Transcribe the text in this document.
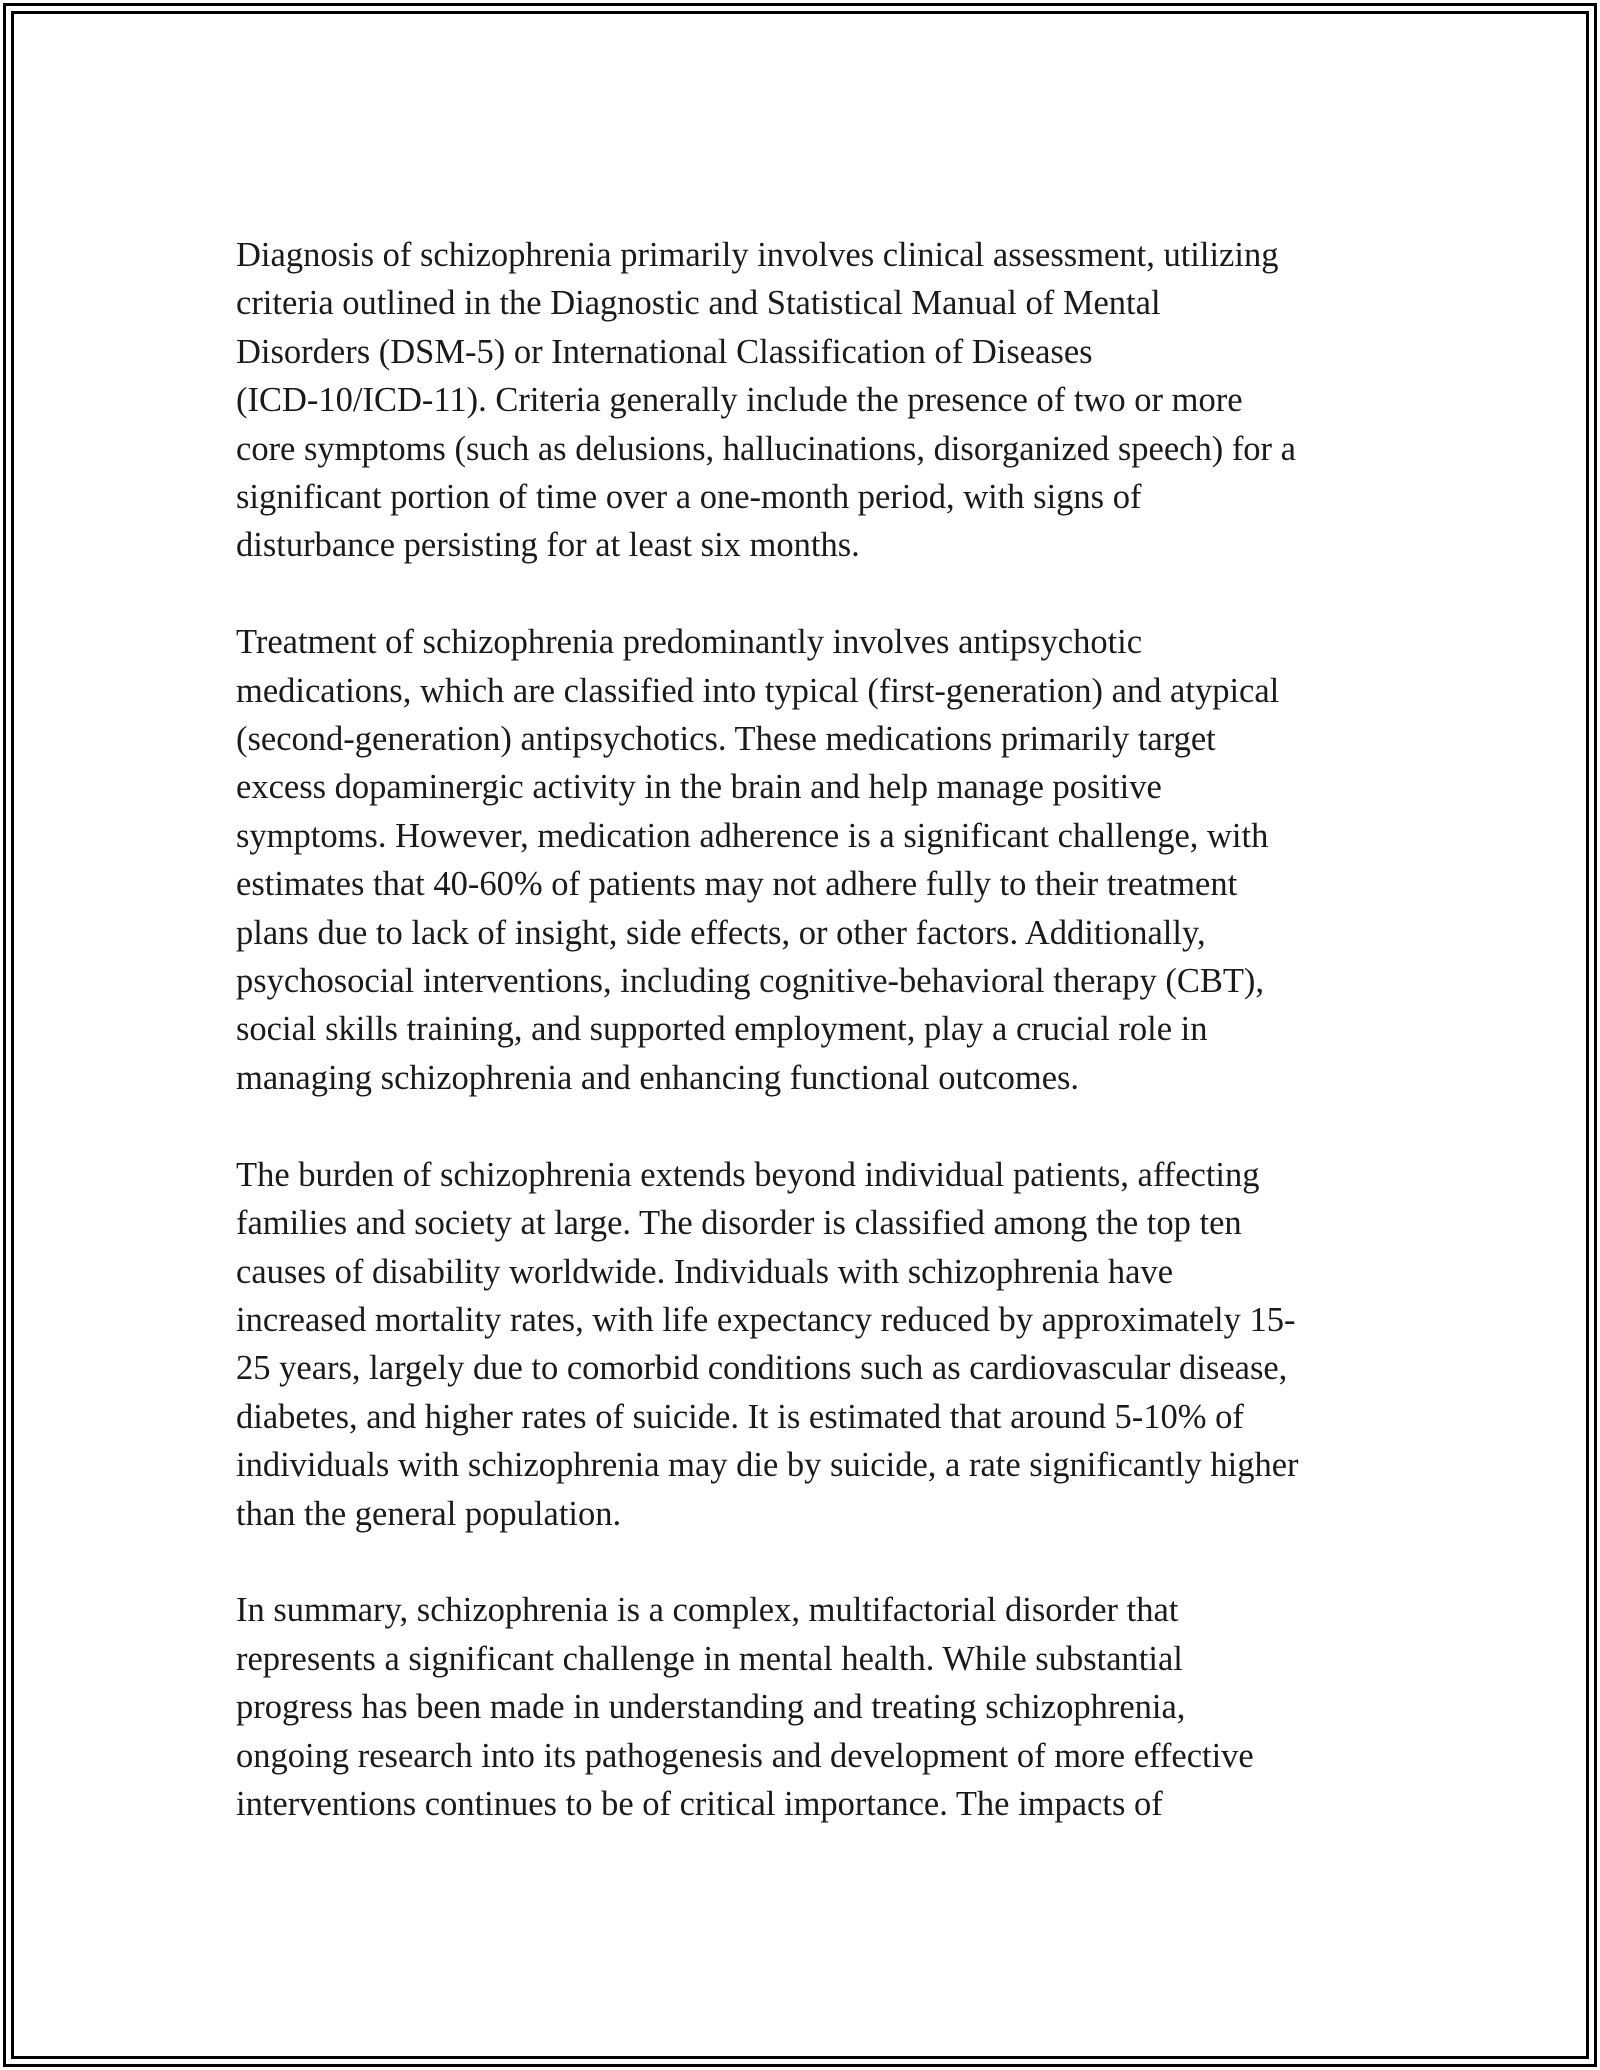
Diagnosis of schizophrenia primarily involves clinical assessment, utilizing
criteria outlined in the Diagnostic and Statistical Manual of Mental
Disorders (DSM-5) or International Classification of Diseases
(ICD-10/ICD-11). Criteria generally include the presence of two or more
core symptoms (such as delusions, hallucinations, disorganized speech) for a
significant portion of time over a one-month period, with signs of
disturbance persisting for at least six months.

Treatment of schizophrenia predominantly involves antipsychotic
medications, which are classified into typical (first-generation) and atypical
(second-generation) antipsychotics. These medications primarily target
excess dopaminergic activity in the brain and help manage positive
symptoms. However, medication adherence is a significant challenge, with
estimates that 40-60% of patients may not adhere fully to their treatment
plans due to lack of insight, side effects, or other factors. Additionally,
psychosocial interventions, including cognitive-behavioral therapy (CBT),
social skills training, and supported employment, play a crucial role in
managing schizophrenia and enhancing functional outcomes.

The burden of schizophrenia extends beyond individual patients, affecting
families and society at large. The disorder is classified among the top ten
causes of disability worldwide. Individuals with schizophrenia have
increased mortality rates, with life expectancy reduced by approximately 15-
25 years, largely due to comorbid conditions such as cardiovascular disease,
diabetes, and higher rates of suicide. It is estimated that around 5-10% of
individuals with schizophrenia may die by suicide, a rate significantly higher
than the general population.

In summary, schizophrenia is a complex, multifactorial disorder that
represents a significant challenge in mental health. While substantial
progress has been made in understanding and treating schizophrenia,
ongoing research into its pathogenesis and development of more effective
interventions continues to be of critical importance. The impacts of
